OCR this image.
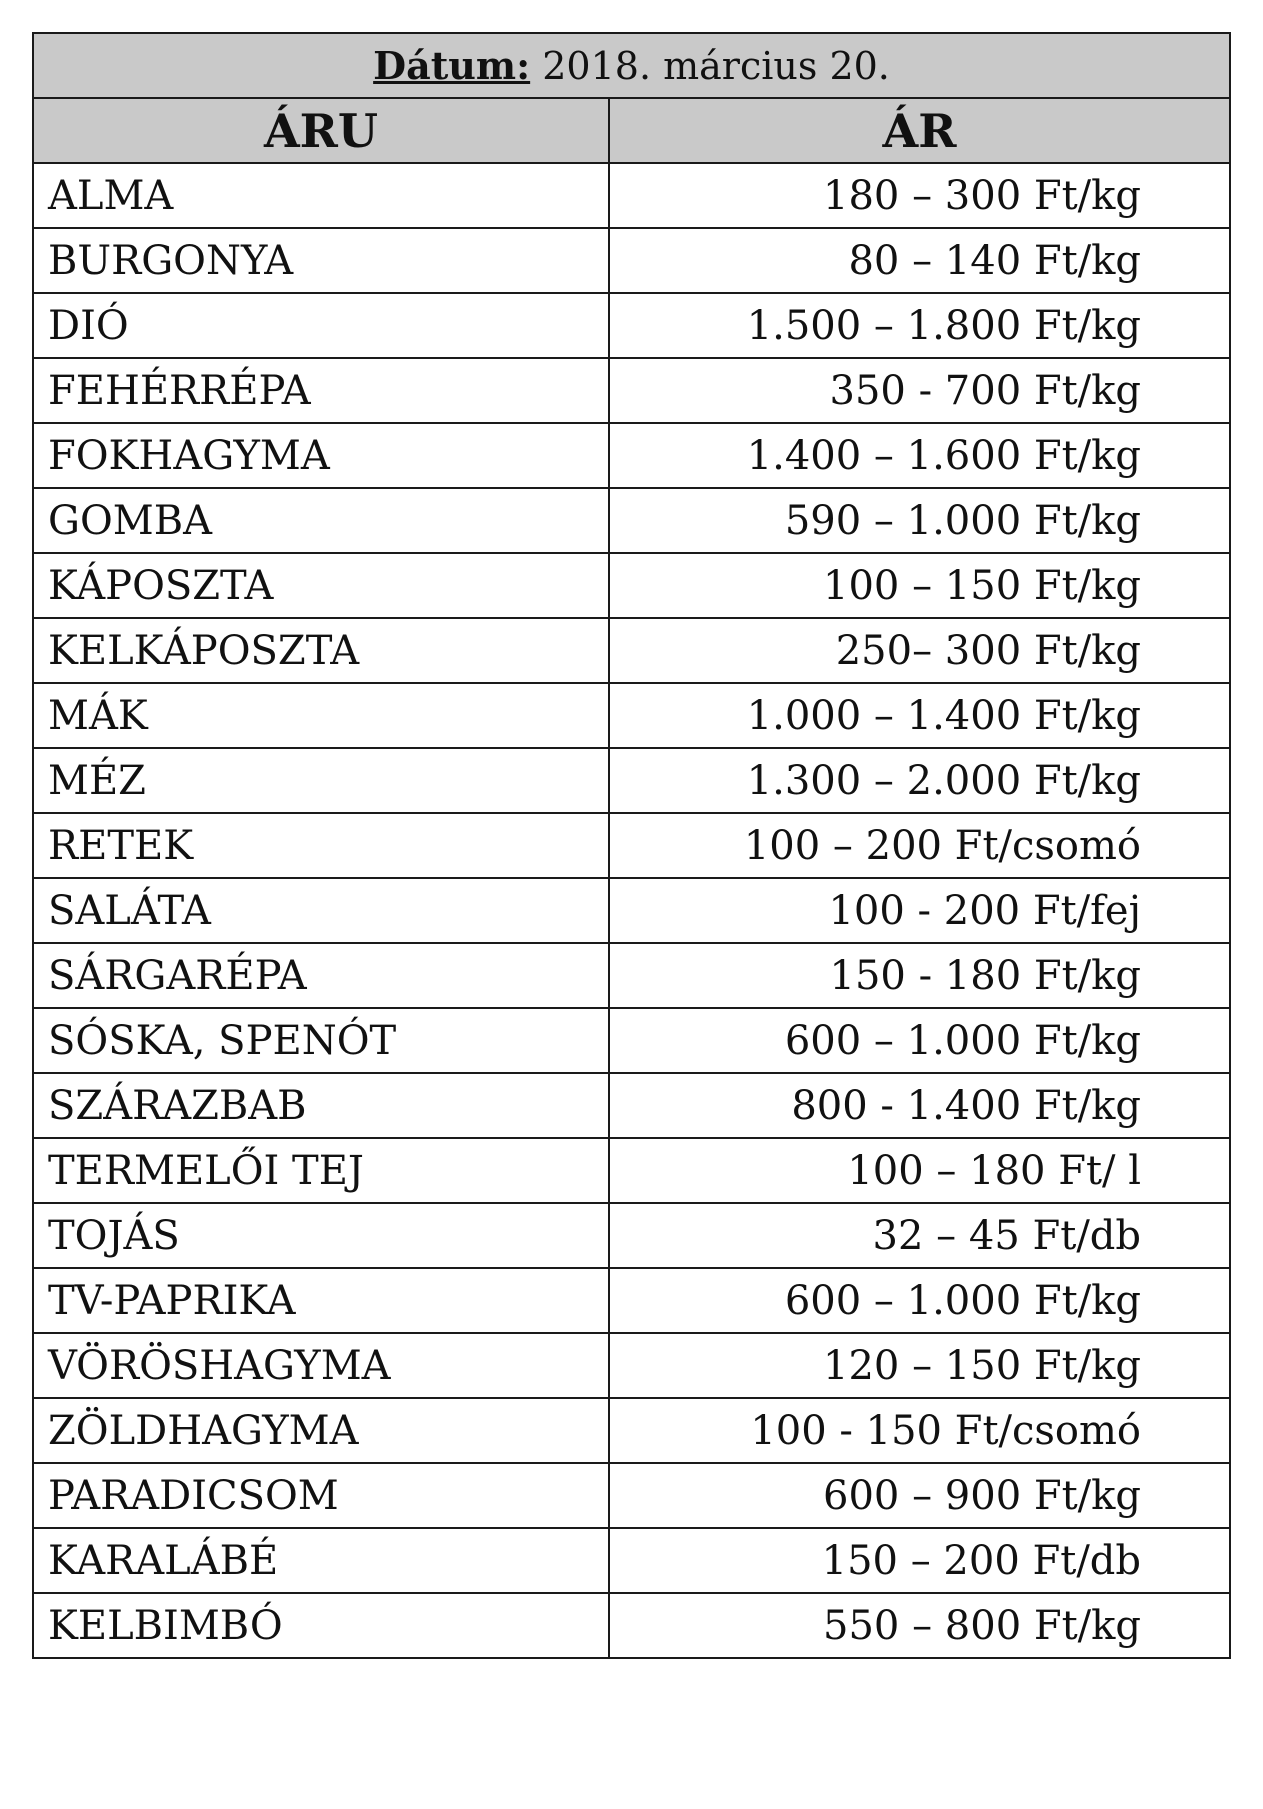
Dátum: 2018. március 20.	
ÁRU	ÁR
ALMA	180 – 300 Ft/kg
BURGONYA	80 – 140 Ft/kg
DIÓ	1.500 – 1.800 Ft/kg
FEHÉRRÉPA	350 - 700 Ft/kg
FOKHAGYMA	1.400 – 1.600 Ft/kg
GOMBA	590 – 1.000 Ft/kg
KÁPOSZTA	100 – 150 Ft/kg
KELKÁPOSZTA	250– 300 Ft/kg
MÁK	1.000 – 1.400 Ft/kg
MÉZ	1.300 – 2.000 Ft/kg
RETEK	100 – 200 Ft/csomó
SALÁTA	100 - 200 Ft/fej
SÁRGARÉPA	150 - 180 Ft/kg
SÓSKA, SPENÓT	600 – 1.000 Ft/kg
SZÁRAZBAB	800 - 1.400 Ft/kg
TERMELŐI TEJ	100 – 180 Ft/ l
TOJÁS	32 – 45 Ft/db
TV-PAPRIKA	600 – 1.000 Ft/kg
VÖRÖSHAGYMA	120 – 150 Ft/kg
ZÖLDHAGYMA	100 - 150 Ft/csomó
PARADICSOM	600 – 900 Ft/kg
KARALÁBÉ	150 – 200 Ft/db
KELBIMBÓ	550 – 800 Ft/kg
